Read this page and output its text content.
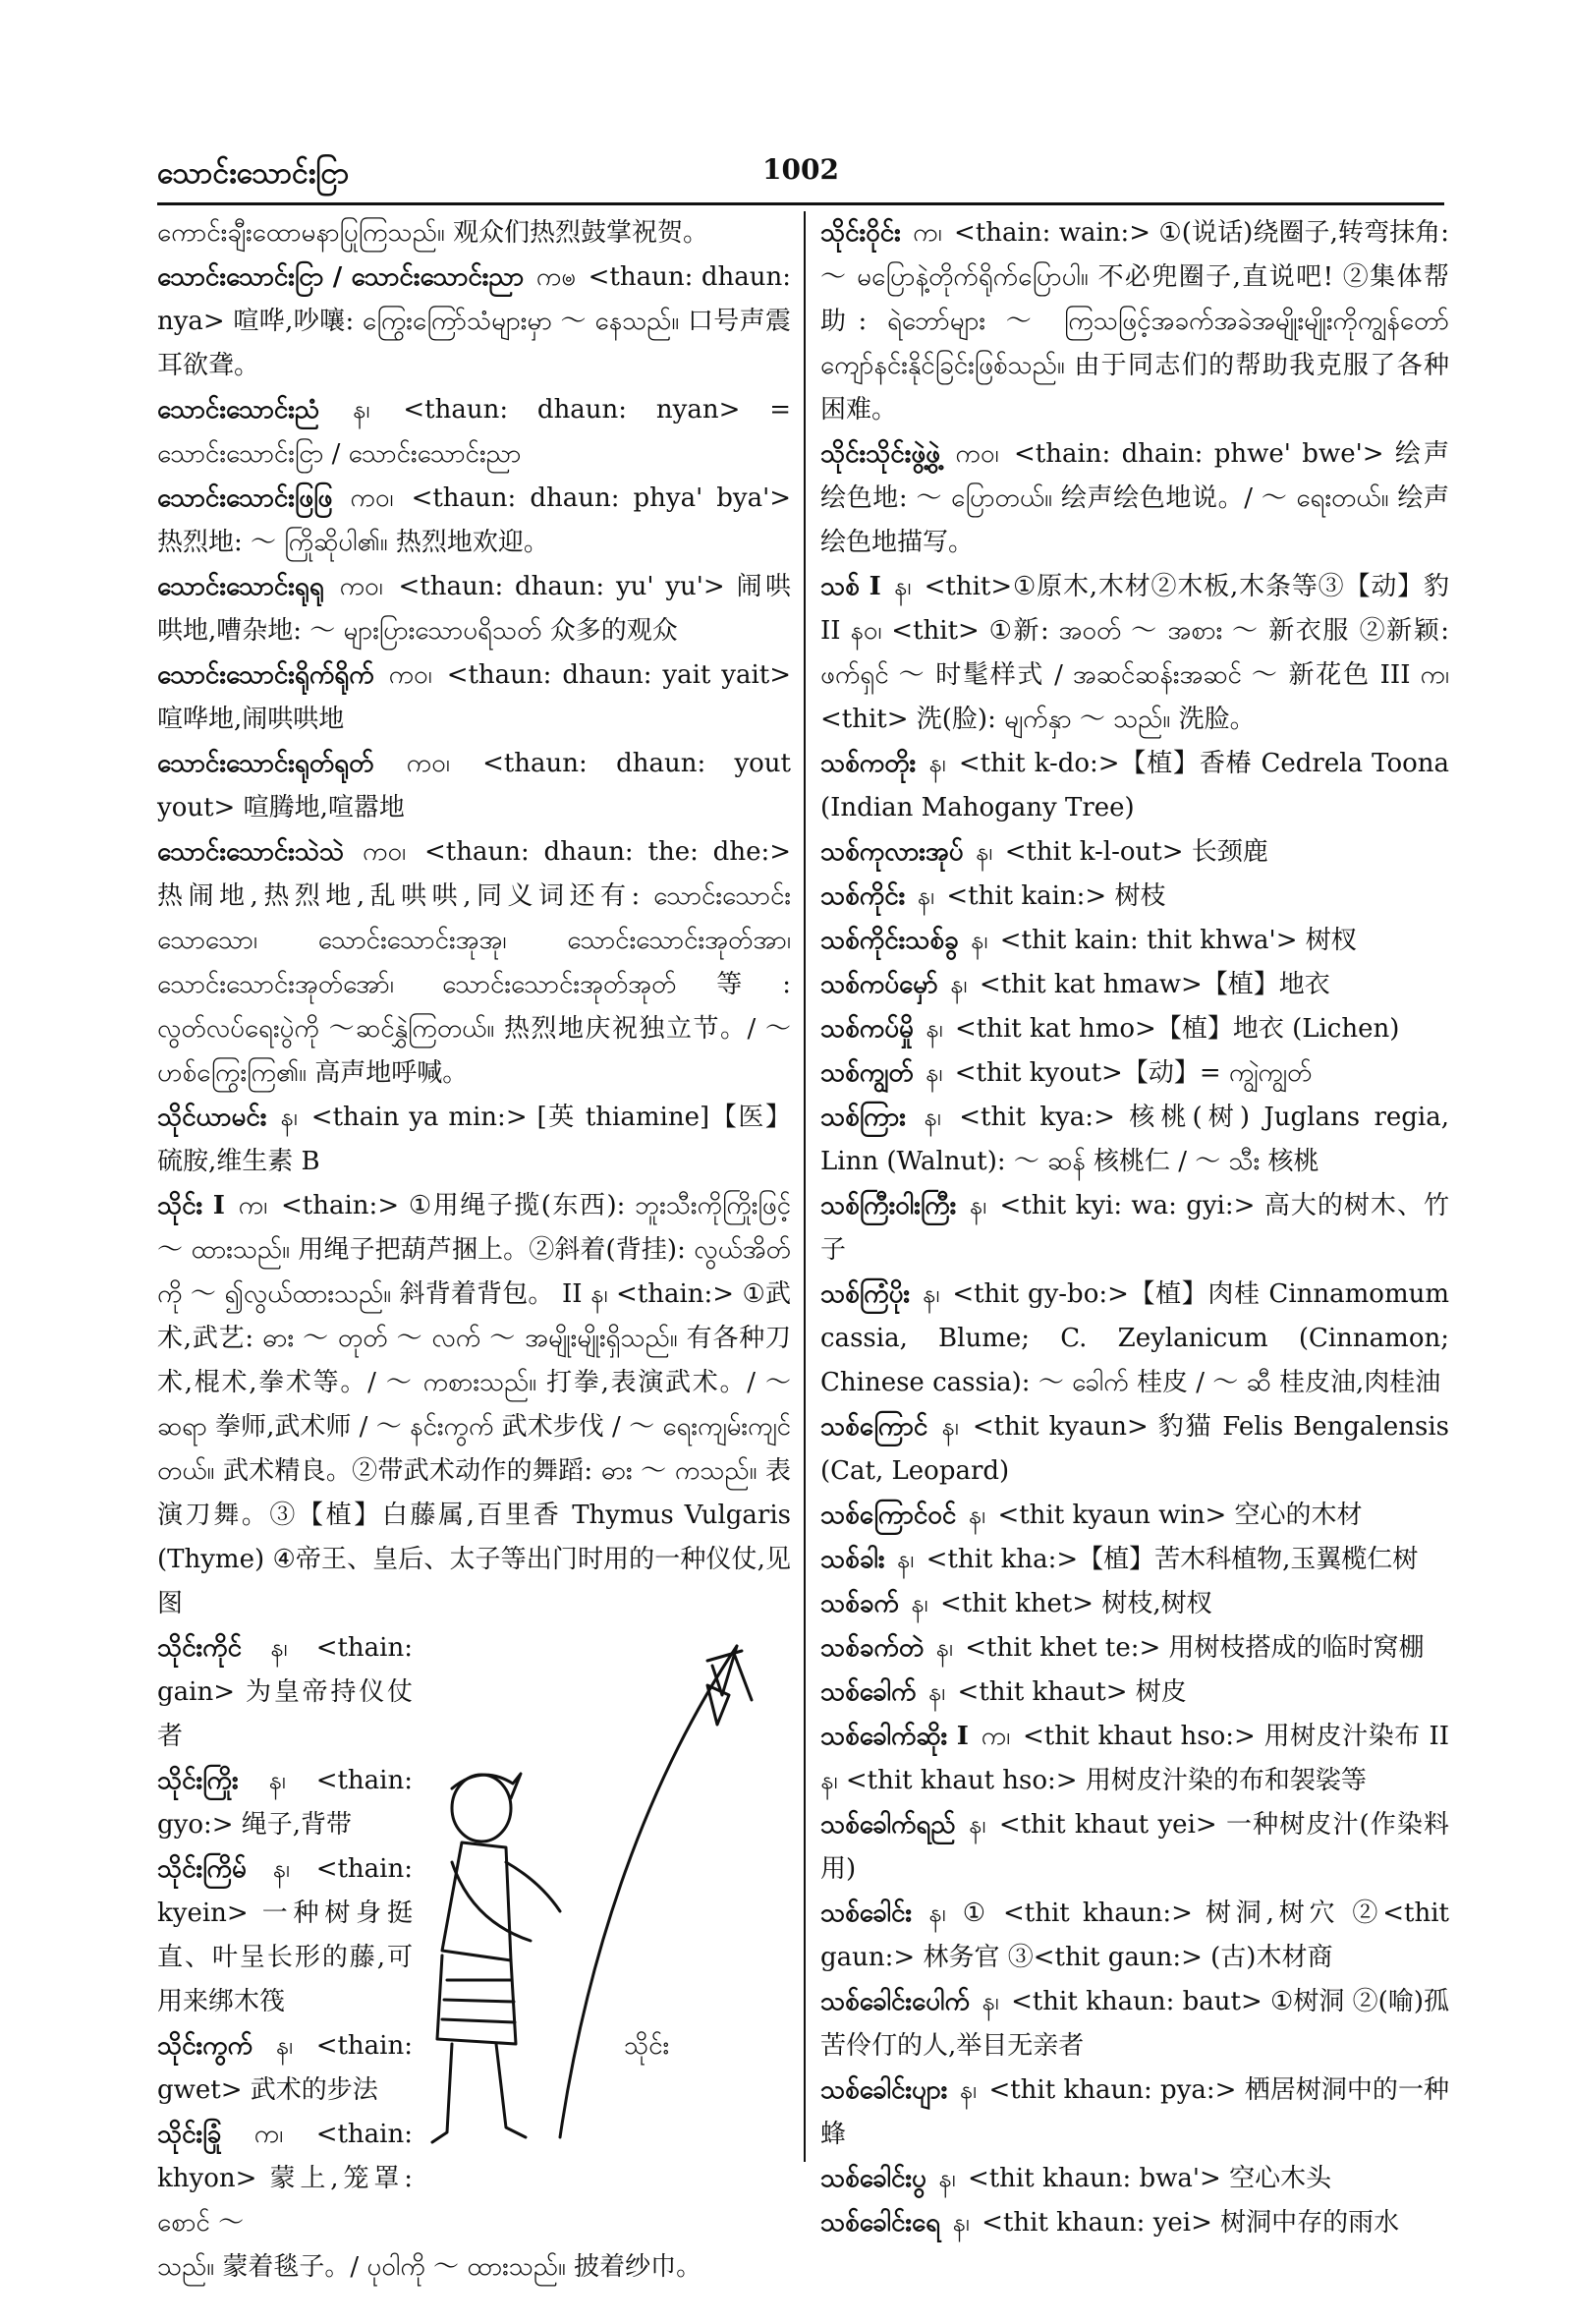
သောင်းသောင်းငြာ	1002
ကောင်းချီးထောမနာပြုကြသည်။ 观众们热烈鼓掌祝贺。
သောင်းသောင်းငြာ / သောင်းသောင်းညာ ကၑ <thaun: dhaun: nya> 喧哗,吵嚷: ကြွေးကြော်သံများမှာ ～ နေသည်။ 口号声震耳欲聋。
သောင်းသောင်းညံ န၊ <thaun: dhaun: nyan> = သောင်းသောင်းငြာ / သောင်းသောင်းညာ
သောင်းသောင်းဖြဖြ ကဝ၊ <thaun: dhaun: phya' bya'> 热烈地: ～ ကြိုဆိုပါ၏။ 热烈地欢迎。
သောင်းသောင်းရုရု ကဝ၊ <thaun: dhaun: yu' yu'> 闹哄哄地,嘈杂地: ～ များပြားသောပရိသတ် 众多的观众
သောင်းသောင်းရိုက်ရိုက် ကဝ၊ <thaun: dhaun: yait yait> 喧哗地,闹哄哄地
သောင်းသောင်းရုတ်ရုတ် ကဝ၊ <thaun: dhaun: yout yout> 喧腾地,喧嚣地
သောင်းသောင်းသဲသဲ ကဝ၊ <thaun: dhaun: the: dhe:> 热闹地,热烈地,乱哄哄,同义词还有: သောင်းသောင်းသောသော၊ သောင်းသောင်းအုအု၊ သောင်းသောင်းအုတ်အာ၊ သောင်းသောင်းအုတ်အော်၊ သောင်းသောင်းအုတ်အုတ်等: လွတ်လပ်ရေးပွဲကို ～ဆင်နွှဲကြတယ်။ 热烈地庆祝独立节。/ ～ ဟစ်ကြွေးကြ၏။ 高声地呼喊。
သိုင်ယာမင်း န၊ <thain ya min:> [英 thiamine]【医】硫胺,维生素 B
သိုင်း I က၊ <thain:> ①用绳子揽(东西): ဘူးသီးကိုကြိုးဖြင့် ～ ထားသည်။ 用绳子把葫芦捆上。②斜着(背挂): လွယ်အိတ်ကို ～ ၍လွယ်ထားသည်။ 斜背着背包。 II န၊ <thain:> ①武术,武艺: ဓား ～ တုတ် ～ လက် ～ အမျိုးမျိုးရှိသည်။ 有各种刀术,棍术,拳术等。/ ～ ကစားသည်။ 打拳,表演武术。/ ～ ဆရာ 拳师,武术师 / ～ နင်းကွက် 武术步伐 / ～ ရေးကျမ်းကျင်တယ်။ 武术精良。②带武术动作的舞蹈: ဓား ～ ကသည်။ 表演刀舞。③【植】白藤属,百里香 Thymus Vulgaris (Thyme) ④帝王、皇后、太子等出门时用的一种仪仗,见图
သိုင်းကိုင် န၊ <thain: gain> 为皇帝持仪仗者
သိုင်းကြိုး န၊ <thain: gyo:> 绳子,背带
သိုင်းကြိမ် န၊ <thain: kyein> 一种树身挺直、叶呈长形的藤,可用来绑木筏
သိုင်းကွက် န၊ <thain: gwet> 武术的步法
သိုင်းခြုံ က၊ <thain: khyon> 蒙上,笼罩: စောင် ～
သိုင်း
သည်။ 蒙着毯子。/ ပုဝါကို ～ ထားသည်။ 披着纱巾。
သိုင်းဝိုင်း က၊ <thain: wain:> ①(说话)绕圈子,转弯抹角: ～ မပြောနဲ့တိုက်ရိုက်ပြောပါ။ 不必兜圈子,直说吧! ②集体帮助: ရဲဘော်များ ～ ကြသဖြင့်အခက်အခဲအမျိုးမျိုးကိုကျွန်တော်ကျော်နင်းနိုင်ခြင်းဖြစ်သည်။ 由于同志们的帮助我克服了各种困难。
သိုင်းသိုင်းဖွဲ့ဖွဲ့ ကဝ၊ <thain: dhain: phwe' bwe'> 绘声绘色地: ～ ပြောတယ်။ 绘声绘色地说。/ ～ ရေးတယ်။ 绘声绘色地描写。
သစ် I န၊ <thit>①原木,木材②木板,木条等③【动】豹 II နဝ၊ <thit> ①新: အဝတ် ～ အစား ～ 新衣服 ②新颖: ဖက်ရှင် ～ 时髦样式 / အဆင်ဆန်းအဆင် ～ 新花色 III က၊ <thit> 洗(脸): မျက်နှာ ～ သည်။ 洗脸。
သစ်ကတိုး န၊ <thit k-do:>【植】香椿 Cedrela Toona (Indian Mahogany Tree)
သစ်ကုလားအုပ် န၊ <thit k-l-out> 长颈鹿
သစ်ကိုင်း န၊ <thit kain:> 树枝
သစ်ကိုင်းသစ်ခွ န၊ <thit kain: thit khwa'> 树杈
သစ်ကပ်မှော် န၊ <thit kat hmaw>【植】地衣
သစ်ကပ်မှို န၊ <thit kat hmo>【植】地衣 (Lichen)
သစ်ကျွတ် န၊ <thit kyout>【动】= ကျွဲကျွတ်
သစ်ကြား န၊ <thit kya:> 核桃(树) Juglans regia, Linn (Walnut): ～ ဆန် 核桃仁 / ～ သီး 核桃
သစ်ကြီးဝါးကြီး န၊ <thit kyi: wa: gyi:> 高大的树木、竹子
သစ်ကြံပိုး န၊ <thit gy-bo:>【植】肉桂 Cinnamomum cassia, Blume; C. Zeylanicum (Cinnamon; Chinese cassia): ～ ခေါက် 桂皮 / ～ ဆီ 桂皮油,肉桂油
သစ်ကြောင် န၊ <thit kyaun> 豹猫 Felis Bengalensis (Cat, Leopard)
သစ်ကြောင်ဝင် န၊ <thit kyaun win> 空心的木材
သစ်ခါး န၊ <thit kha:>【植】苦木科植物,玉翼榄仁树
သစ်ခက် န၊ <thit khet> 树枝,树杈
သစ်ခက်တဲ န၊ <thit khet te:> 用树枝搭成的临时窝棚
သစ်ခေါက် န၊ <thit khaut> 树皮
သစ်ခေါက်ဆိုး I က၊ <thit khaut hso:> 用树皮汁染布 II န၊ <thit khaut hso:> 用树皮汁染的布和袈裟等
သစ်ခေါက်ရည် န၊ <thit khaut yei> 一种树皮汁(作染料用)
သစ်ခေါင်း န၊ ① <thit khaun:> 树洞,树穴 ②<thit gaun:> 林务官 ③<thit gaun:> (古)木材商
သစ်ခေါင်းပေါက် န၊ <thit khaun: baut> ①树洞 ②(喻)孤苦伶仃的人,举目无亲者
သစ်ခေါင်းပျား န၊ <thit khaun: pya:> 栖居树洞中的一种蜂
သစ်ခေါင်းပွ န၊ <thit khaun: bwa'> 空心木头
သစ်ခေါင်းရေ န၊ <thit khaun: yei> 树洞中存的雨水
